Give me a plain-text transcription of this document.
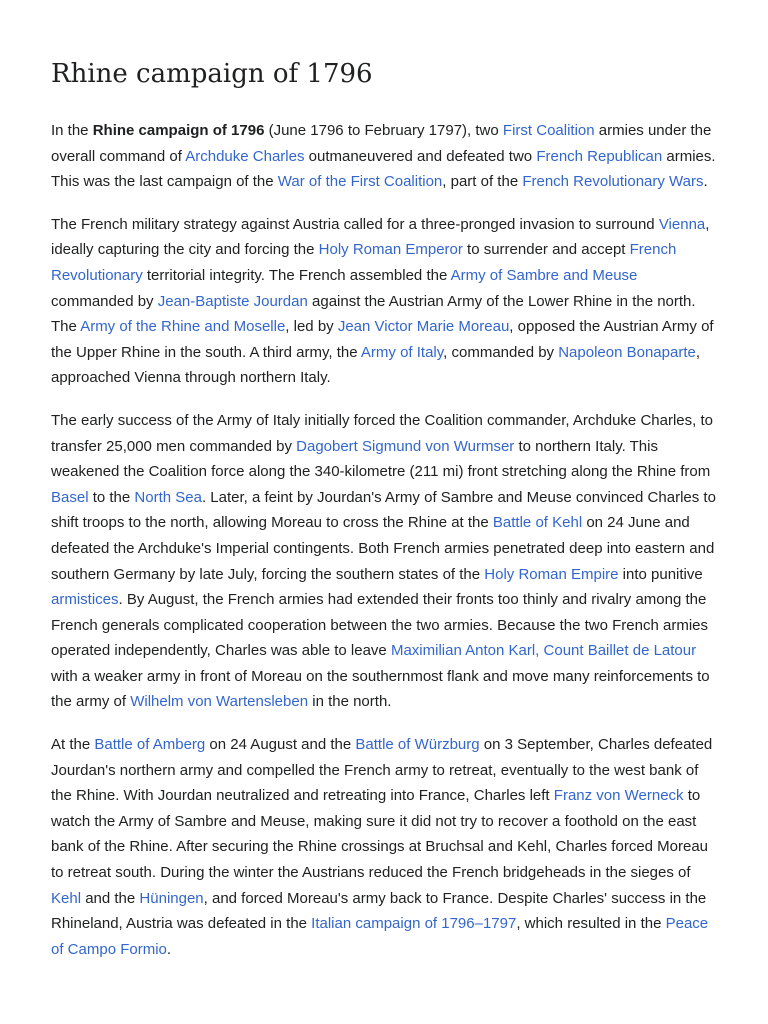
Rhine campaign of 1796

In the Rhine campaign of 1796 (June 1796 to February 1797), two First Coalition armies under the overall command of Archduke Charles outmaneuvered and defeated two French Republican armies. This was the last campaign of the War of the First Coalition, part of the French Revolutionary Wars.

The French military strategy against Austria called for a three-pronged invasion to surround Vienna, ideally capturing the city and forcing the Holy Roman Emperor to surrender and accept French Revolutionary territorial integrity. The French assembled the Army of Sambre and Meuse commanded by Jean-Baptiste Jourdan against the Austrian Army of the Lower Rhine in the north. The Army of the Rhine and Moselle, led by Jean Victor Marie Moreau, opposed the Austrian Army of the Upper Rhine in the south. A third army, the Army of Italy, commanded by Napoleon Bonaparte, approached Vienna through northern Italy.

The early success of the Army of Italy initially forced the Coalition commander, Archduke Charles, to transfer 25,000 men commanded by Dagobert Sigmund von Wurmser to northern Italy. This weakened the Coalition force along the 340-kilometre (211 mi) front stretching along the Rhine from Basel to the North Sea. Later, a feint by Jourdan's Army of Sambre and Meuse convinced Charles to shift troops to the north, allowing Moreau to cross the Rhine at the Battle of Kehl on 24 June and defeated the Archduke's Imperial contingents. Both French armies penetrated deep into eastern and southern Germany by late July, forcing the southern states of the Holy Roman Empire into punitive armistices. By August, the French armies had extended their fronts too thinly and rivalry among the French generals complicated cooperation between the two armies. Because the two French armies operated independently, Charles was able to leave Maximilian Anton Karl, Count Baillet de Latour with a weaker army in front of Moreau on the southernmost flank and move many reinforcements to the army of Wilhelm von Wartensleben in the north.

At the Battle of Amberg on 24 August and the Battle of Würzburg on 3 September, Charles defeated Jourdan's northern army and compelled the French army to retreat, eventually to the west bank of the Rhine. With Jourdan neutralized and retreating into France, Charles left Franz von Werneck to watch the Army of Sambre and Meuse, making sure it did not try to recover a foothold on the east bank of the Rhine. After securing the Rhine crossings at Bruchsal and Kehl, Charles forced Moreau to retreat south. During the winter the Austrians reduced the French bridgeheads in the sieges of Kehl and the Hüningen, and forced Moreau's army back to France. Despite Charles' success in the Rhineland, Austria was defeated in the Italian campaign of 1796–1797, which resulted in the Peace of Campo Formio.
